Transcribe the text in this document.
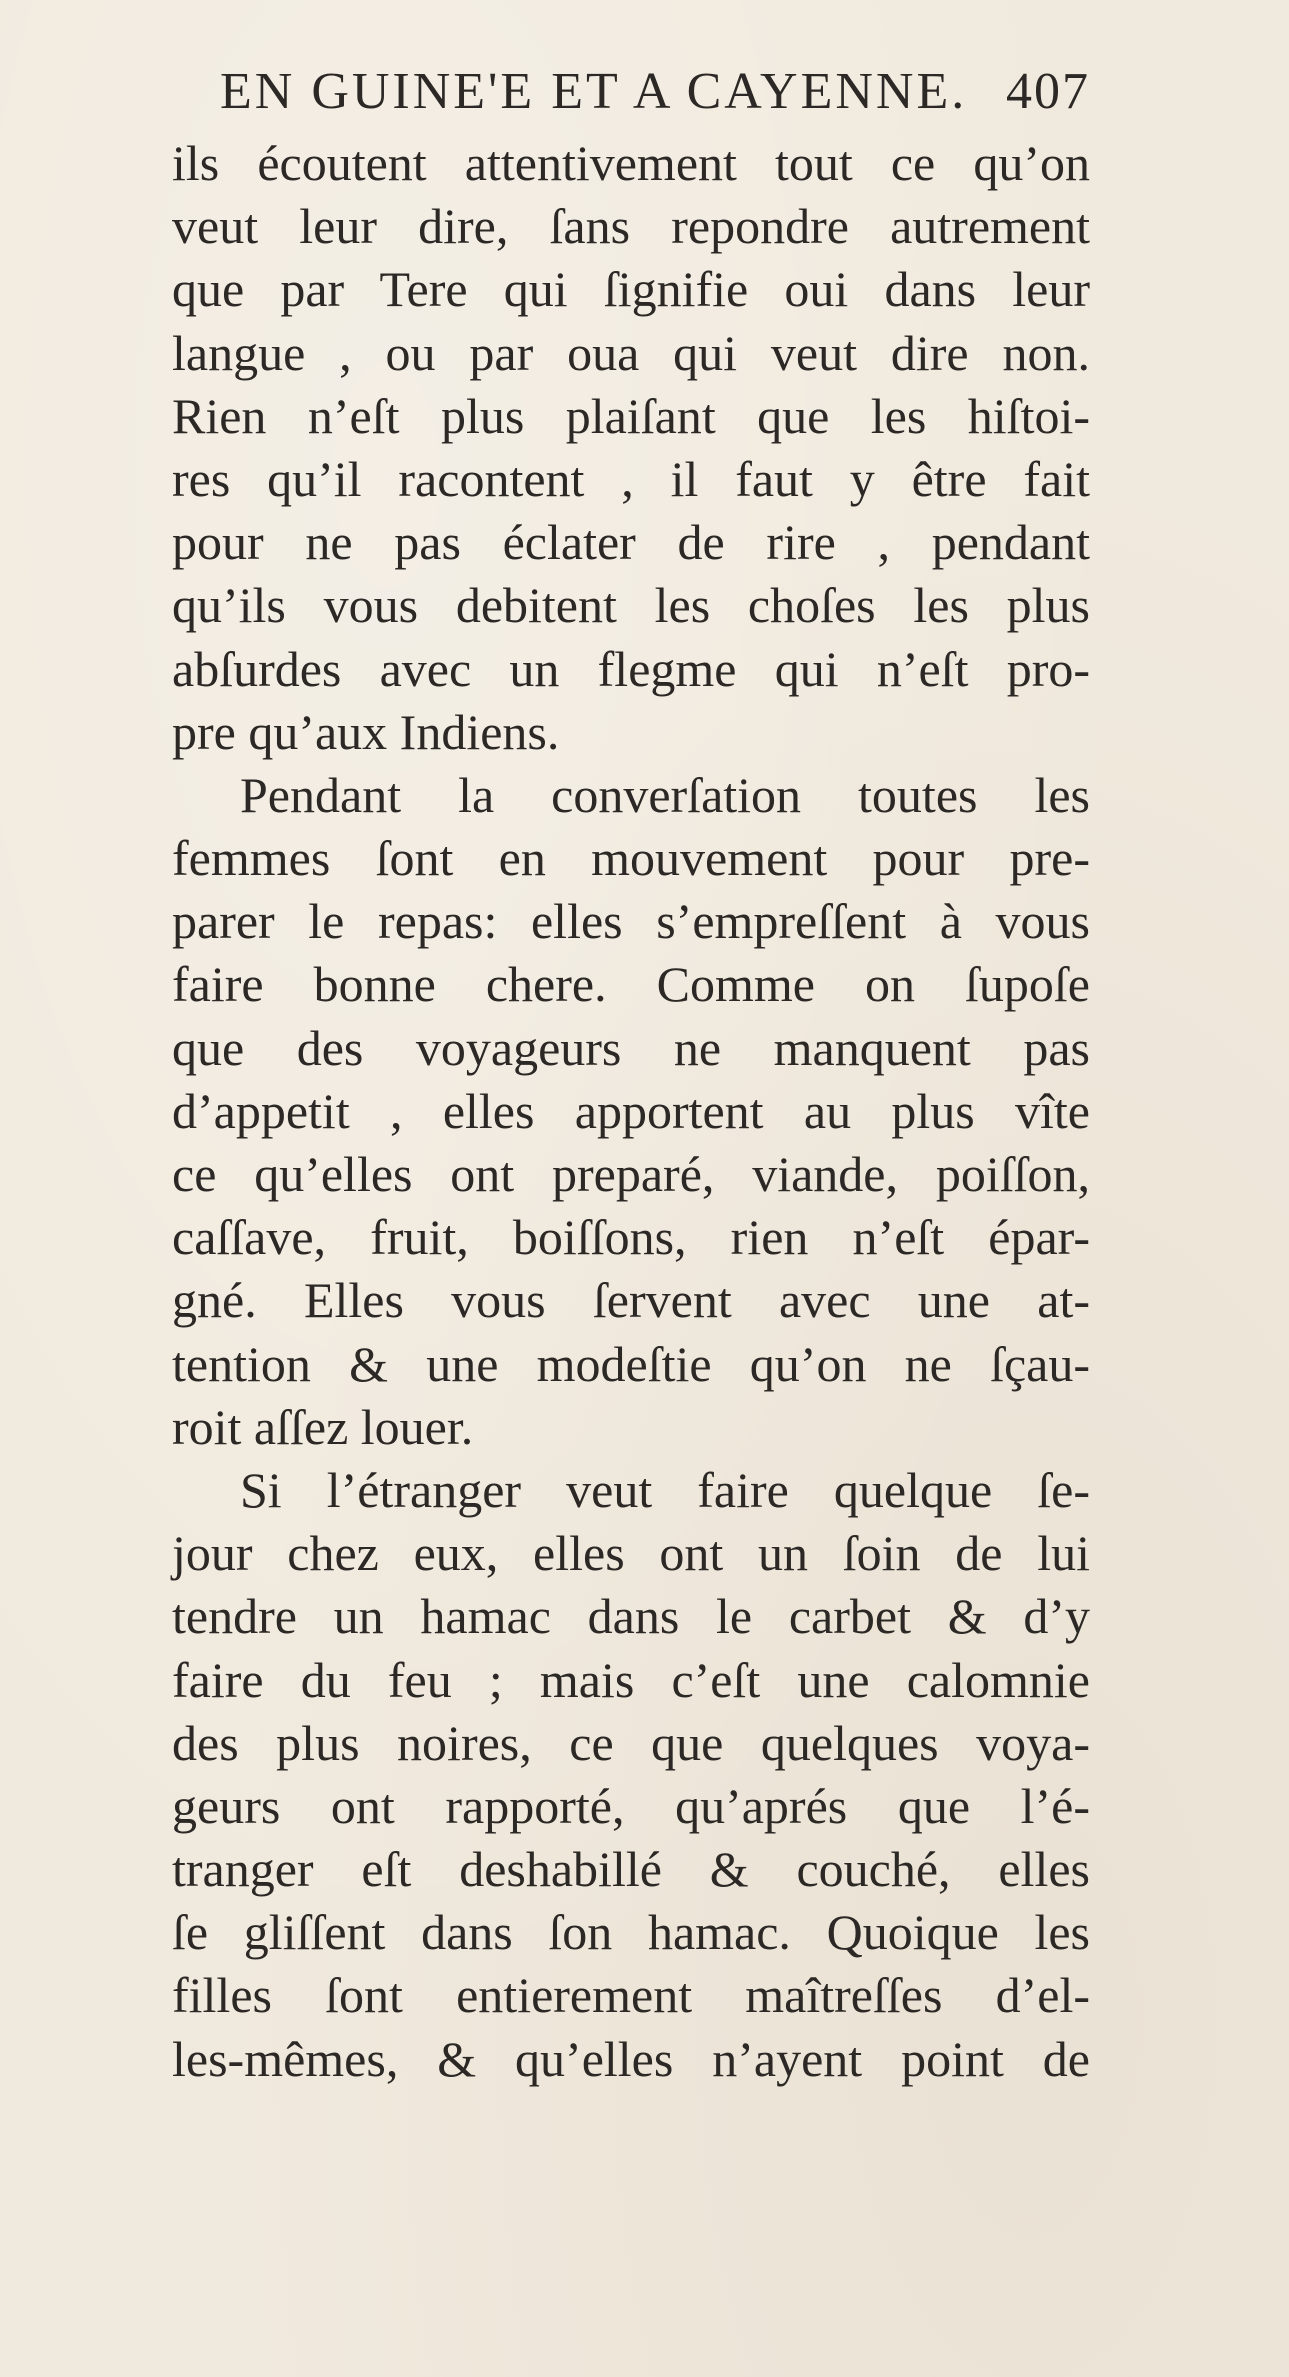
EN GUINE'E ET A CAYENNE. 407
ils écoutent attentivement tout ce qu’on
veut leur dire, ſans repondre autrement
que par Tere qui ſignifie oui dans leur
langue , ou par oua qui veut dire non.
Rien n’eſt plus plaiſant que les hiſtoi-
res qu’il racontent , il faut y être fait
pour ne pas éclater de rire , pendant
qu’ils vous debitent les choſes les plus
abſurdes avec un flegme qui n’eſt pro-
pre qu’aux Indiens.
Pendant la converſation toutes les
femmes ſont en mouvement pour pre-
parer le repas: elles s’empreſſent à vous
faire bonne chere. Comme on ſupoſe
que des voyageurs ne manquent pas
d’appetit , elles apportent au plus vîte
ce qu’elles ont preparé, viande, poiſſon,
caſſave, fruit, boiſſons, rien n’eſt épar-
gné. Elles vous ſervent avec une at-
tention & une modeſtie qu’on ne ſçau-
roit aſſez louer.
Si l’étranger veut faire quelque ſe-
jour chez eux, elles ont un ſoin de lui
tendre un hamac dans le carbet & d’y
faire du feu ; mais c’eſt une calomnie
des plus noires, ce que quelques voya-
geurs ont rapporté, qu’aprés que l’é-
tranger eſt deshabillé & couché, elles
ſe gliſſent dans ſon hamac. Quoique les
filles ſont entierement maîtreſſes d’el-
les-mêmes, & qu’elles n’ayent point de
